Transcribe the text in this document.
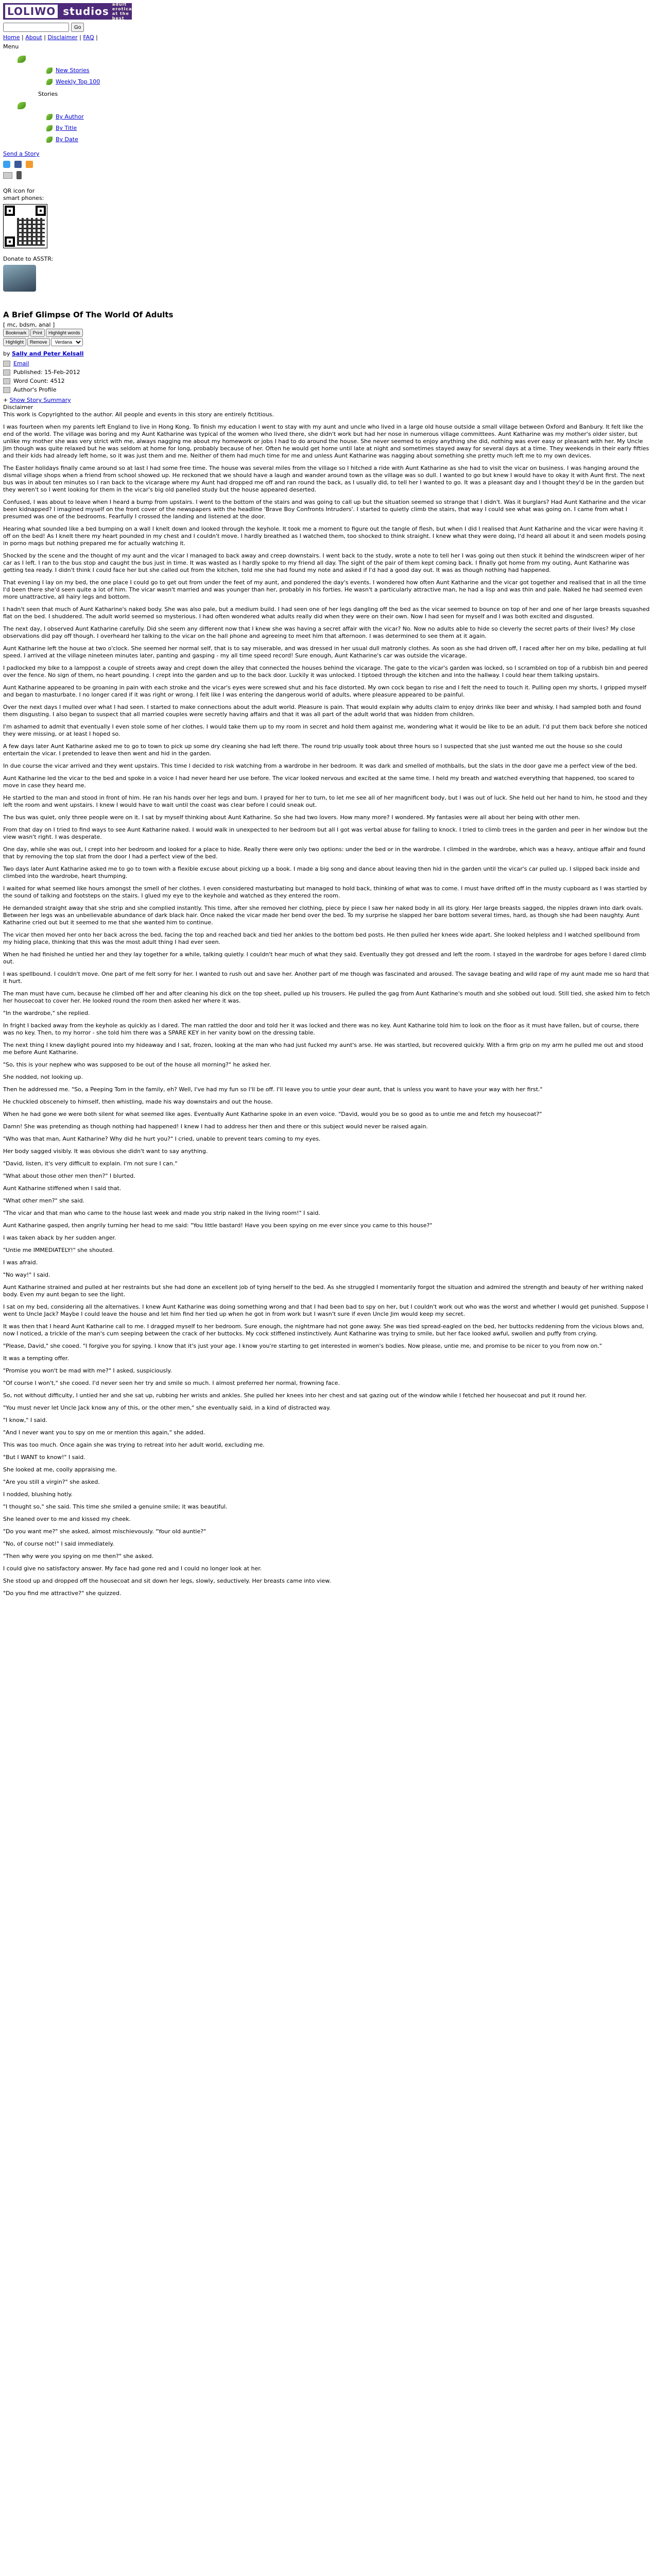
LOLIWO studios
adult erotica at the best
Go
Home | About | Disclaimer | FAQ |
Menu
New Stories
Weekly Top 100
Stories
By Author
By Title
By Date
Send a Story
QR icon for
smart phones:
Donate to ASSTR:
A Brief Glimpse Of The World Of Adults
[ mc, bdsm, anal ]
Bookmark	Print	Highlight words
Highlight	Remove
Verdana
by Sally and Peter Kelsall
Email
Published: 15-Feb-2012
Word Count: 4512
Author's Profile
+ Show Story Summary
Disclaimer

This work is Copyrighted to the author. All people and events in this story are entirely fictitious.

I was fourteen when my parents left England to live in Hong Kong. To finish my education I went to stay with my aunt and uncle who lived in a large old house outside a small village between Oxford and Banbury. It felt like the end of the world. The village was boring and my Aunt Katharine was typical of the women who lived there, she didn't work but had her nose in numerous village committees. Aunt Katharine was my mother's older sister, but unlike my mother she was very strict with me, always nagging me about my homework or jobs I had to do around the house. She never seemed to enjoy anything she did, nothing was ever easy or pleasant with her. My Uncle Jim though was quite relaxed but he was seldom at home for long, probably because of her. Often he would get home until late at night and sometimes stayed away for several days at a time. They weekends in their early fifties and their kids had already left home, so it was just them and me. Neither of them had much time for me and unless Aunt Katharine was nagging about something she pretty much left me to my own devices.

The Easter holidays finally came around so at last I had some free time. The house was several miles from the village so I hitched a ride with Aunt Katharine as she had to visit the vicar on business. I was hanging around the dismal village shops when a friend from school showed up. He reckoned that we should have a laugh and wander around town as the village was so dull. I wanted to go but knew I would have to okay it with Aunt first. The next bus was in about ten minutes so I ran back to the vicarage where my Aunt had dropped me off and ran round the back, as I usually did, to tell her I wanted to go. It was a pleasant day and I thought they'd be in the garden but they weren't so I went looking for them in the vicar's big old panelled study but the house appeared deserted.

Confused, I was about to leave when I heard a bump from upstairs. I went to the bottom of the stairs and was going to call up but the situation seemed so strange that I didn't. Was it burglars? Had Aunt Katharine and the vicar been kidnapped? I imagined myself on the front cover of the newspapers with the headline 'Brave Boy Confronts Intruders'. I started to quietly climb the stairs, that way I could see what was going on. I came from what I presumed was one of the bedrooms. Fearfully I crossed the landing and listened at the door.

Hearing what sounded like a bed bumping on a wall I knelt down and looked through the keyhole. It took me a moment to figure out the tangle of flesh, but when I did I realised that Aunt Katharine and the vicar were having it off on the bed! As I knelt there my heart pounded in my chest and I couldn't move. I hardly breathed as I watched them, too shocked to think straight. I knew what they were doing, I'd heard all about it and seen models posing in porno mags but nothing prepared me for actually watching it.

Shocked by the scene and the thought of my aunt and the vicar I managed to back away and creep downstairs. I went back to the study, wrote a note to tell her I was going out then stuck it behind the windscreen wiper of her car as I left. I ran to the bus stop and caught the bus just in time. It was wasted as I hardly spoke to my friend all day. The sight of the pair of them kept coming back. I finally got home from my outing, Aunt Katharine was getting tea ready. I didn't think I could face her but she called out from the kitchen, told me she had found my note and asked if I'd had a good day out. It was as though nothing had happened.

That evening I lay on my bed, the one place I could go to get out from under the feet of my aunt, and pondered the day's events. I wondered how often Aunt Katharine and the vicar got together and realised that in all the time I'd been there she'd seen quite a lot of him. The vicar wasn't married and was younger than her, probably in his forties. He wasn't a particularly attractive man, he had a lisp and was thin and pale. Naked he had seemed even more unattractive, all hairy legs and bottom.

I hadn't seen that much of Aunt Katharine's naked body. She was also pale, but a medium build. I had seen one of her legs dangling off the bed as the vicar seemed to bounce on top of her and one of her large breasts squashed flat on the bed. I shuddered. The adult world seemed so mysterious. I had often wondered what adults really did when they were on their own. Now I had seen for myself and I was both excited and disgusted.

The next day, I observed Aunt Katharine carefully. Did she seem any different now that I knew she was having a secret affair with the vicar? No. Now no adults able to hide so cleverly the secret parts of their lives? My close observations did pay off though. I overheard her talking to the vicar on the hall phone and agreeing to meet him that afternoon. I was determined to see them at it again.

Aunt Katharine left the house at two o'clock. She seemed her normal self, that is to say miserable, and was dressed in her usual dull matronly clothes. As soon as she had driven off, I raced after her on my bike, pedalling at full speed. I arrived at the village nineteen minutes later, panting and gasping - my all time speed record! Sure enough, Aunt Katharine's car was outside the vicarage.

I padlocked my bike to a lamppost a couple of streets away and crept down the alley that connected the houses behind the vicarage. The gate to the vicar's garden was locked, so I scrambled on top of a rubbish bin and peered over the fence. No sign of them, no heart pounding. I crept into the garden and up to the back door. Luckily it was unlocked. I tiptoed through the kitchen and into the hallway. I could hear them talking upstairs.

Aunt Katharine appeared to be groaning in pain with each stroke and the vicar's eyes were screwed shut and his face distorted. My own cock began to rise and I felt the need to touch it. Pulling open my shorts, I gripped myself and began to masturbate. I no longer cared if it was right or wrong. I felt like I was entering the dangerous world of adults, where pleasure appeared to be painful.

Over the next days I mulled over what I had seen. I started to make connections about the adult world. Pleasure is pain. That would explain why adults claim to enjoy drinks like beer and whisky. I had sampled both and found them disgusting. I also began to suspect that all married couples were secretly having affairs and that it was all part of the adult world that was hidden from children.

I'm ashamed to admit that eventually I even stole some of her clothes. I would take them up to my room in secret and hold them against me, wondering what it would be like to be an adult. I'd put them back before she noticed they were missing, or at least I hoped so.

A few days later Aunt Katharine asked me to go to town to pick up some dry cleaning she had left there. The round trip usually took about three hours so I suspected that she just wanted me out the house so she could entertain the vicar. I pretended to leave then went and hid in the garden.

In due course the vicar arrived and they went upstairs. This time I decided to risk watching from a wardrobe in her bedroom. It was dark and smelled of mothballs, but the slats in the door gave me a perfect view of the bed.

Aunt Katharine led the vicar to the bed and spoke in a voice I had never heard her use before. The vicar looked nervous and excited at the same time. I held my breath and watched everything that happened, too scared to move in case they heard me.

He startled to the man and stood in front of him. He ran his hands over her legs and bum. I prayed for her to turn, to let me see all of her magnificent body, but I was out of luck. She held out her hand to him, he stood and they left the room and went upstairs. I knew I would have to wait until the coast was clear before I could sneak out.

The bus was quiet, only three people were on it. I sat by myself thinking about Aunt Katharine. So she had two lovers. How many more? I wondered. My fantasies were all about her being with other men.

From that day on I tried to find ways to see Aunt Katharine naked. I would walk in unexpected to her bedroom but all I got was verbal abuse for failing to knock. I tried to climb trees in the garden and peer in her window but the view wasn't right. I was desperate.

One day, while she was out, I crept into her bedroom and looked for a place to hide. Really there were only two options: under the bed or in the wardrobe. I climbed in the wardrobe, which was a heavy, antique affair and found that by removing the top slat from the door I had a perfect view of the bed.

Two days later Aunt Katharine asked me to go to town with a flexible excuse about picking up a book. I made a big song and dance about leaving then hid in the garden until the vicar's car pulled up. I slipped back inside and climbed into the wardrobe, heart thumping.

I waited for what seemed like hours amongst the smell of her clothes. I even considered masturbating but managed to hold back, thinking of what was to come. I must have drifted off in the musty cupboard as I was startled by the sound of talking and footsteps on the stairs. I glued my eye to the keyhole and watched as they entered the room.

He demanded straight away that she strip and she complied instantly. This time, after she removed her clothing, piece by piece I saw her naked body in all its glory. Her large breasts sagged, the nipples drawn into dark ovals. Between her legs was an unbelievable abundance of dark black hair. Once naked the vicar made her bend over the bed. To my surprise he slapped her bare bottom several times, hard, as though she had been naughty. Aunt Katharine cried out but it seemed to me that she wanted him to continue.

The vicar then moved her onto her back across the bed, facing the top and reached back and tied her ankles to the bottom bed posts. He then pulled her knees wide apart. She looked helpless and I watched spellbound from my hiding place, thinking that this was the most adult thing I had ever seen.

When he had finished he untied her and they lay together for a while, talking quietly. I couldn't hear much of what they said. Eventually they got dressed and left the room. I stayed in the wardrobe for ages before I dared climb out.

I was spellbound. I couldn't move. One part of me felt sorry for her. I wanted to rush out and save her. Another part of me though was fascinated and aroused. The savage beating and wild rape of my aunt made me so hard that it hurt.

The man must have cum, because he climbed off her and after cleaning his dick on the top sheet, pulled up his trousers. He pulled the gag from Aunt Katharine's mouth and she sobbed out loud. Still tied, she asked him to fetch her housecoat to cover her. He looked round the room then asked her where it was.

"In the wardrobe," she replied.

In fright I backed away from the keyhole as quickly as I dared. The man rattled the door and told her it was locked and there was no key. Aunt Katharine told him to look on the floor as it must have fallen, but of course, there was no key. Then, to my horror - she told him there was a SPARE KEY in her vanity bowl on the dressing table.

The next thing I knew daylight poured into my hideaway and I sat, frozen, looking at the man who had just fucked my aunt's arse. He was startled, but recovered quickly. With a firm grip on my arm he pulled me out and stood me before Aunt Katharine.

"So, this is your nephew who was supposed to be out of the house all morning?" he asked her.

She nodded, not looking up.

Then he addressed me. "So, a Peeping Tom in the family, eh? Well, I've had my fun so I'll be off. I'll leave you to untie your dear aunt, that is unless you want to have your way with her first."

He chuckled obscenely to himself, then whistling, made his way downstairs and out the house.

When he had gone we were both silent for what seemed like ages. Eventually Aunt Katharine spoke in an even voice. "David, would you be so good as to untie me and fetch my housecoat?"

Damn! She was pretending as though nothing had happened! I knew I had to address her then and there or this subject would never be raised again.

"Who was that man, Aunt Katharine? Why did he hurt you?" I cried, unable to prevent tears coming to my eyes.

Her body sagged visibly. It was obvious she didn't want to say anything.

"David, listen, it's very difficult to explain. I'm not sure I can."

"What about those other men then?" I blurted.

Aunt Katharine stiffened when I said that.

"What other men?" she said.

"The vicar and that man who came to the house last week and made you strip naked in the living room!" I said.

Aunt Katharine gasped, then angrily turning her head to me said: "You little bastard! Have you been spying on me ever since you came to this house?"

I was taken aback by her sudden anger.

"Untie me IMMEDIATELY!" she shouted.

I was afraid.

"No way!" I said.

Aunt Katharine strained and pulled at her restraints but she had done an excellent job of tying herself to the bed. As she struggled I momentarily forgot the situation and admired the strength and beauty of her writhing naked body. Even my aunt began to see the light.

I sat on my bed, considering all the alternatives. I knew Aunt Katharine was doing something wrong and that I had been bad to spy on her, but I couldn't work out who was the worst and whether I would get punished. Suppose I went to Uncle Jack? Maybe I could leave the house and let him find her tied up when he got in from work but I wasn't sure if even Uncle Jim would keep my secret.

It was then that I heard Aunt Katharine call to me. I dragged myself to her bedroom. Sure enough, the nightmare had not gone away. She was tied spread-eagled on the bed, her buttocks reddening from the vicious blows and, now I noticed, a trickle of the man's cum seeping between the crack of her buttocks. My cock stiffened instinctively. Aunt Katharine was trying to smile, but her face looked awful, swollen and puffy from crying.

"Please, David," she cooed. "I forgive you for spying. I know that it's just your age. I know you're starting to get interested in women's bodies. Now please, untie me, and promise to be nicer to you from now on."

It was a tempting offer.

"Promise you won't be mad with me?" I asked, suspiciously.

"Of course I won't," she cooed. I'd never seen her try and smile so much. I almost preferred her normal, frowning face.

So, not without difficulty, I untied her and she sat up, rubbing her wrists and ankles. She pulled her knees into her chest and sat gazing out of the window while I fetched her housecoat and put it round her.

"You must never let Uncle Jack know any of this, or the other men," she eventually said, in a kind of distracted way.

"I know," I said.

"And I never want you to spy on me or mention this again," she added.

This was too much. Once again she was trying to retreat into her adult world, excluding me.

"But I WANT to know!" I said.

She looked at me, coolly appraising me.

"Are you still a virgin?" she asked.

I nodded, blushing hotly.

"I thought so," she said. This time she smiled a genuine smile; it was beautiful.

She leaned over to me and kissed my cheek.

"Do you want me?" she asked, almost mischievously. "Your old auntie?"

"No, of course not!" I said immediately.

"Then why were you spying on me then?" she asked.

I could give no satisfactory answer. My face had gone red and I could no longer look at her.

She stood up and dropped off the housecoat and sit down her legs, slowly, seductively. Her breasts came into view.

"Do you find me attractive?" she quizzed.
